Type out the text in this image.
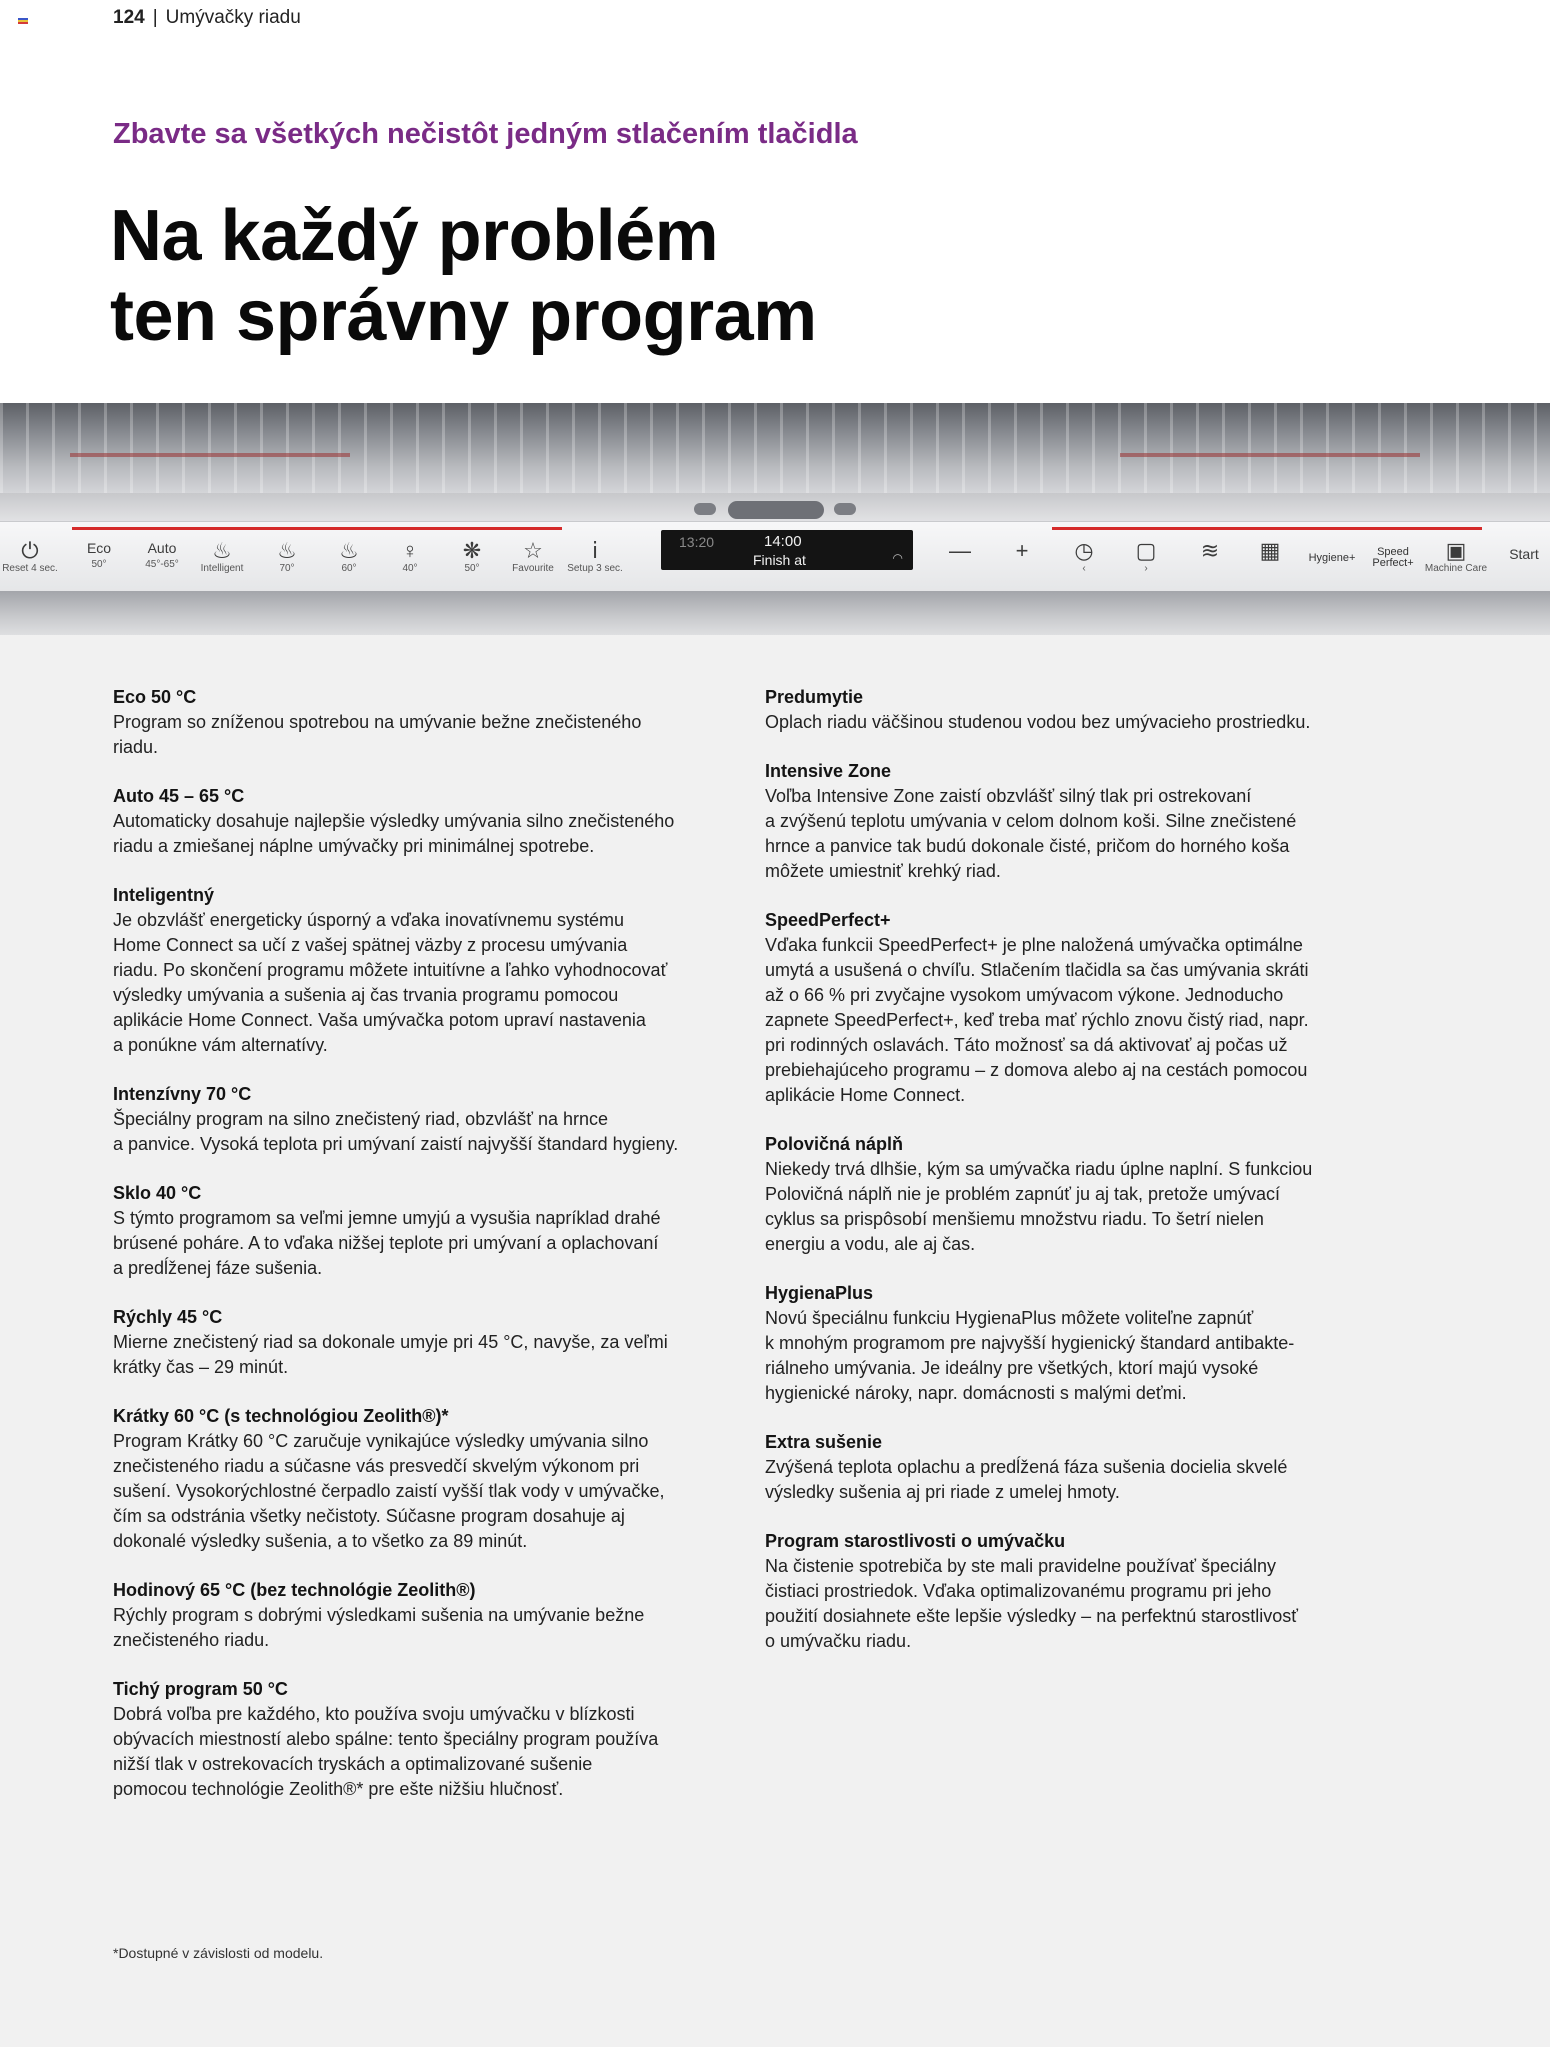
124 | Umývačky riadu
Zbavte sa všetkých nečistôt jedným stlačením tlačidla
Na každý problém
ten správny program
⏻
Reset 4 sec.
Eco
50°
Auto
45°-65°
♨
Intelligent
♨
70°
♨
60°
♀
40°
❋
50°
☆
Favourite
ⅰ
Setup 3 sec.
13:20	14:00
Finish at	◠	—	+	◷
‹
▢
›
≋	▦	Hygiene+	Speed Perfect+	▣
Machine Care
Start
Eco 50 °C

Program so zníženou spotrebou na umývanie bežne znečisteného
riadu.

Auto 45 – 65 °C

Automaticky dosahuje najlepšie výsledky umývania silno znečisteného
riadu a zmiešanej náplne umývačky pri minimálnej spotrebe.

Inteligentný

Je obzvlášť energeticky úsporný a vďaka inovatívnemu systému
Home Connect sa učí z vašej spätnej väzby z procesu umývania
riadu. Po skončení programu môžete intuitívne a ľahko vyhodnocovať
výsledky umývania a sušenia aj čas trvania programu pomocou
aplikácie Home Connect. Vaša umývačka potom upraví nastavenia
a ponúkne vám alternatívy.

Intenzívny 70 °C

Špeciálny program na silno znečistený riad, obzvlášť na hrnce
a panvice. Vysoká teplota pri umývaní zaistí najvyšší štandard hygieny.

Sklo 40 °C

S týmto programom sa veľmi jemne umyjú a vysušia napríklad drahé
brúsené poháre. A to vďaka nižšej teplote pri umývaní a oplachovaní
a predĺženej fáze sušenia.

Rýchly 45 °C

Mierne znečistený riad sa dokonale umyje pri 45 °C, navyše, za veľmi
krátky čas – 29 minút.

Krátky 60 °C (s technológiou Zeolith®)*

Program Krátky 60 °C zaručuje vynikajúce výsledky umývania silno
znečisteného riadu a súčasne vás presvedčí skvelým výkonom pri
sušení. Vysokorýchlostné čerpadlo zaistí vyšší tlak vody v umývačke,
čím sa odstránia všetky nečistoty. Súčasne program dosahuje aj
dokonalé výsledky sušenia, a to všetko za 89 minút.

Hodinový 65 °C (bez technológie Zeolith®)

Rýchly program s dobrými výsledkami sušenia na umývanie bežne
znečisteného riadu.

Tichý program 50 °C

Dobrá voľba pre každého, kto používa svoju umývačku v blízkosti
obývacích miestností alebo spálne: tento špeciálny program používa
nižší tlak v ostrekovacích tryskách a optimalizované sušenie
pomocou technológie Zeolith®* pre ešte nižšiu hlučnosť.

Predumytie

Oplach riadu väčšinou studenou vodou bez umývacieho prostriedku.

Intensive Zone

Voľba Intensive Zone zaistí obzvlášť silný tlak pri ostrekovaní
a zvýšenú teplotu umývania v celom dolnom koši. Silne znečistené
hrnce a panvice tak budú dokonale čisté, pričom do horného koša
môžete umiestniť krehký riad.

SpeedPerfect+

Vďaka funkcii SpeedPerfect+ je plne naložená umývačka optimálne
umytá a usušená o chvíľu. Stlačením tlačidla sa čas umývania skráti
až o 66 % pri zvyčajne vysokom umývacom výkone. Jednoducho
zapnete SpeedPerfect+, keď treba mať rýchlo znovu čistý riad, napr.
pri rodinných oslavách. Táto možnosť sa dá aktivovať aj počas už
prebiehajúceho programu – z domova alebo aj na cestách pomocou
aplikácie Home Connect.

Polovičná náplň

Niekedy trvá dlhšie, kým sa umývačka riadu úplne naplní. S funkciou
Polovičná náplň nie je problém zapnúť ju aj tak, pretože umývací
cyklus sa prispôsobí menšiemu množstvu riadu. To šetrí nielen
energiu a vodu, ale aj čas.

HygienaPlus

Novú špeciálnu funkciu HygienaPlus môžete voliteľne zapnúť
k mnohým programom pre najvyšší hygienický štandard antibakte-
riálneho umývania. Je ideálny pre všetkých, ktorí majú vysoké
hygienické nároky, napr. domácnosti s malými deťmi.

Extra sušenie

Zvýšená teplota oplachu a predĺžená fáza sušenia docielia skvelé
výsledky sušenia aj pri riade z umelej hmoty.

Program starostlivosti o umývačku

Na čistenie spotrebiča by ste mali pravidelne používať špeciálny
čistiaci prostriedok. Vďaka optimalizovanému programu pri jeho
použití dosiahnete ešte lepšie výsledky – na perfektnú starostlivosť
o umývačku riadu.

*Dostupné v závislosti od modelu.
